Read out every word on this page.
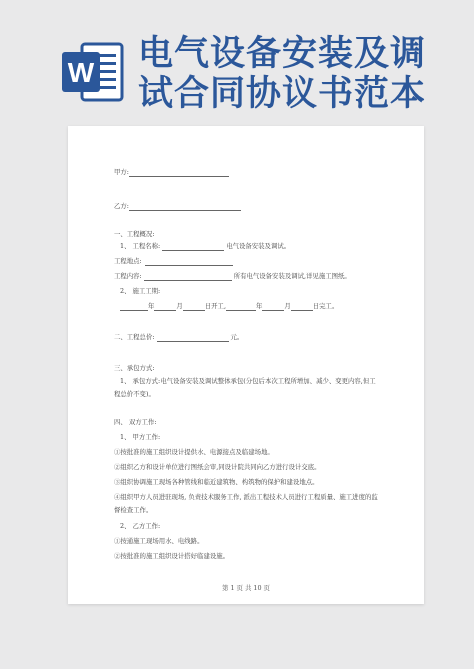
W 电气设备安装及调
试合同协议书范本
甲方:
乙方:
一、工程概况:
1、 工程名称:	电气设备安装及调试。
工程地点:
工程内容:	所有电气设备安装及调试,详见施工图纸。
2、 施工工期:
年	月	日开工,	年	月	日完工。
二、工程总价:	元。
三、承包方式:
1、 承包方式:电气设备安装及调试整体承包(分包后本次工程所增加、减少、变更内容,但工
程总价不变)。
四、 双方工作:
1、 甲方工作:
①按批准的施工组织设计提供水、电源接点及临建场地。
②组织乙方和设计单位进行图纸会审,同设计院共同向乙方进行设计交底。
③组织协调施工现场各种管线和临近建筑物、构筑物的保护和建设地点。
④组织甲方人员进驻现场, 负责技术服务工作, 派出工程技术人员进行工程质量、施工进度的监
督检查工作。
2、 乙方工作:
①按通施工现场用水、电线路。
②按批准的施工组织设计搭好临建设施。
第 1 页 共 10 页
